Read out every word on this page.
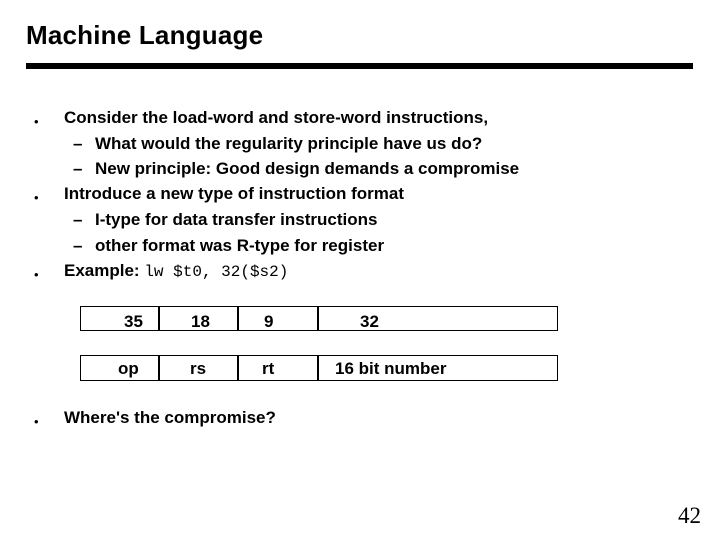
Machine Language
• Consider the load-word and store-word instructions,
– What would the regularity principle have us do?
– New principle: Good design demands a compromise
• Introduce a new type of instruction format
– I-type for data transfer instructions
– other format was R-type for register
• Example: lw $t0, 32($s2)
35	18	9	32
op	rs	rt	16 bit number
• Where's the compromise?
42
